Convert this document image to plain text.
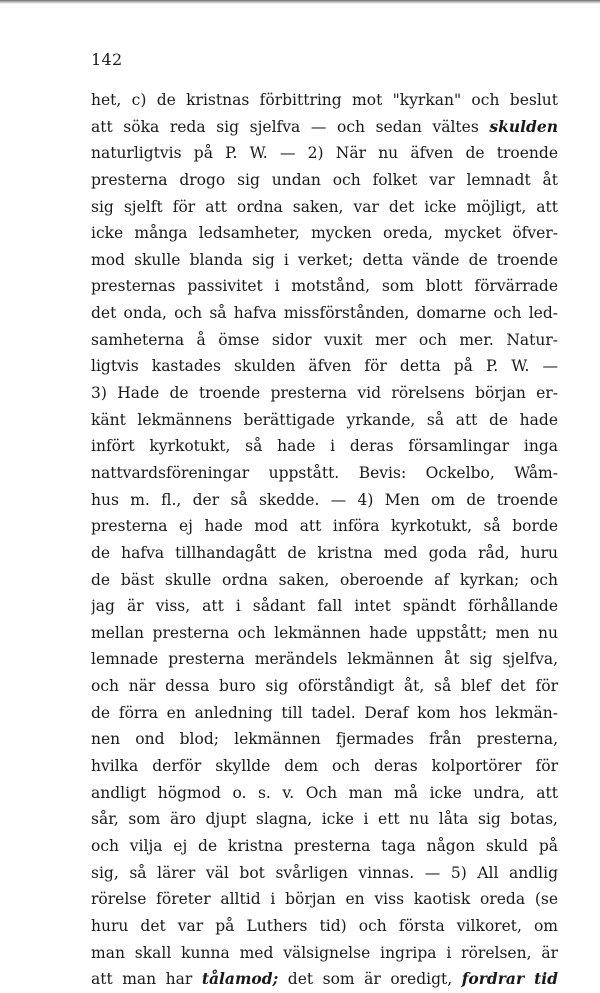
142
het, c) de kristnas förbittring mot "kyrkan" och beslut
att söka reda sig sjelfva — och sedan vältes skulden
naturligtvis på P. W. — 2) När nu äfven de troende
presterna drogo sig undan och folket var lemnadt åt
sig sjelft för att ordna saken, var det icke möjligt, att
icke många ledsamheter, mycken oreda, mycket öfver-
mod skulle blanda sig i verket; detta vände de troende
presternas passivitet i motstånd, som blott förvärrade
det onda, och så hafva missförstånden, domarne och led-
samheterna å ömse sidor vuxit mer och mer. Natur-
ligtvis kastades skulden äfven för detta på P. W. —
3) Hade de troende presterna vid rörelsens början er-
känt lekmännens berättigade yrkande, så att de hade
infört kyrkotukt, så hade i deras församlingar inga
nattvardsföreningar uppstått. Bevis: Ockelbo, Wåm-
hus m. fl., der så skedde. — 4) Men om de troende
presterna ej hade mod att införa kyrkotukt, så borde
de hafva tillhandagått de kristna med goda råd, huru
de bäst skulle ordna saken, oberoende af kyrkan; och
jag är viss, att i sådant fall intet spändt förhållande
mellan presterna och lekmännen hade uppstått; men nu
lemnade presterna merändels lekmännen åt sig sjelfva,
och när dessa buro sig oförståndigt åt, så blef det för
de förra en anledning till tadel. Deraf kom hos lekmän-
nen ond blod; lekmännen fjermades från presterna,
hvilka derför skyllde dem och deras kolportörer för
andligt högmod o. s. v. Och man må icke undra, att
sår, som äro djupt slagna, icke i ett nu låta sig botas,
och vilja ej de kristna presterna taga någon skuld på
sig, så lärer väl bot svårligen vinnas. — 5) All andlig
rörelse företer alltid i början en viss kaotisk oreda (se
huru det var på Luthers tid) och första vilkoret, om
man skall kunna med välsignelse ingripa i rörelsen, är
att man har tålamod; det som är oredigt, fordrar tid
